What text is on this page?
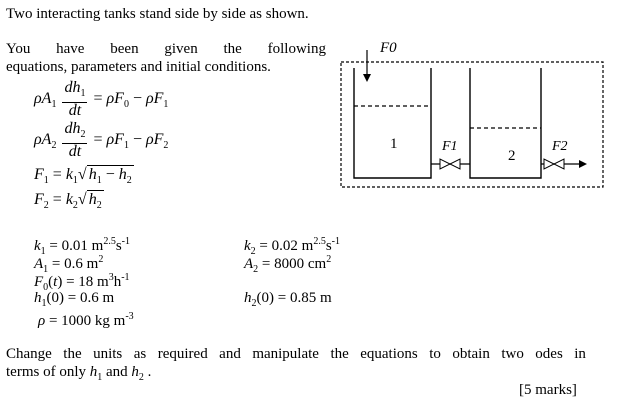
Two interacting tanks stand side by side as shown.
You have been given the following
equations, parameters and initial conditions.
$\rho A_1 \frac{dh_1}{dt} = \rho F_0 - \rho F_1$
$\rho A_2 \frac{dh_2}{dt} = \rho F_1 - \rho F_2$
$F_1 = k_1√$ $h_1 - h_2$
$F_2 = k_2√$ $h_2$
$k_1 = 0.01$ $m^{2.5}s^{-1}$
$A_1 = 0.6$ $m^2$
$F_0(t) = 18$ $m^3h^{-1}$
$h_1(0) = 0.6$ m
ρ = 1000 kg $m^{-3}$
$k_2 = 0.02$ $m^{2.5}s^{-1}$
$A_2 = 8000$ $cm^2$
$h_2(0) = 0.85$ m
F0
1
2
F1	F2
Change the units as required and manipulate the equations to obtain two odes in
terms of only $h_1$ and $h_2$ .
[5 marks]
